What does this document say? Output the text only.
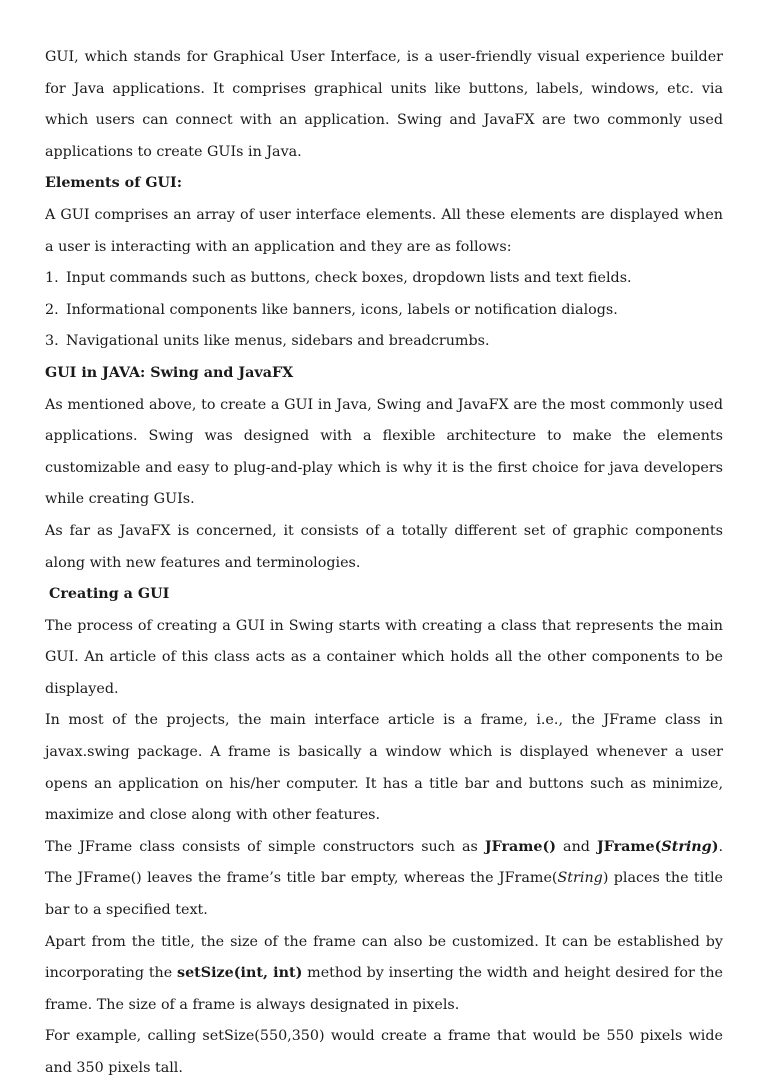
GUI, which stands for Graphical User Interface, is a user-friendly visual experience builder for Java applications. It comprises graphical units like buttons, labels, windows, etc. via which users can connect with an application. Swing and JavaFX are two commonly used applications to create GUIs in Java.

Elements of GUI:

A GUI comprises an array of user interface elements. All these elements are displayed when a user is interacting with an application and they are as follows:

1. Input commands such as buttons, check boxes, dropdown lists and text fields.
2. Informational components like banners, icons, labels or notification dialogs.
3. Navigational units like menus, sidebars and breadcrumbs.

GUI in JAVA: Swing and JavaFX

As mentioned above, to create a GUI in Java, Swing and JavaFX are the most commonly used applications. Swing was designed with a flexible architecture to make the elements customizable and easy to plug-and-play which is why it is the first choice for java developers while creating GUIs.

As far as JavaFX is concerned, it consists of a totally different set of graphic components along with new features and terminologies.

Creating a GUI

The process of creating a GUI in Swing starts with creating a class that represents the main GUI. An article of this class acts as a container which holds all the other components to be displayed.

In most of the projects, the main interface article is a frame, i.e., the JFrame class in javax.swing package. A frame is basically a window which is displayed whenever a user opens an application on his/her computer. It has a title bar and buttons such as minimize, maximize and close along with other features.

The JFrame class consists of simple constructors such as JFrame() and JFrame(String). The JFrame() leaves the frame’s title bar empty, whereas the JFrame(String) places the title bar to a specified text.

Apart from the title, the size of the frame can also be customized. It can be established by incorporating the setSize(int, int) method by inserting the width and height desired for the frame. The size of a frame is always designated in pixels.

For example, calling setSize(550,350) would create a frame that would be 550 pixels wide and 350 pixels tall.
